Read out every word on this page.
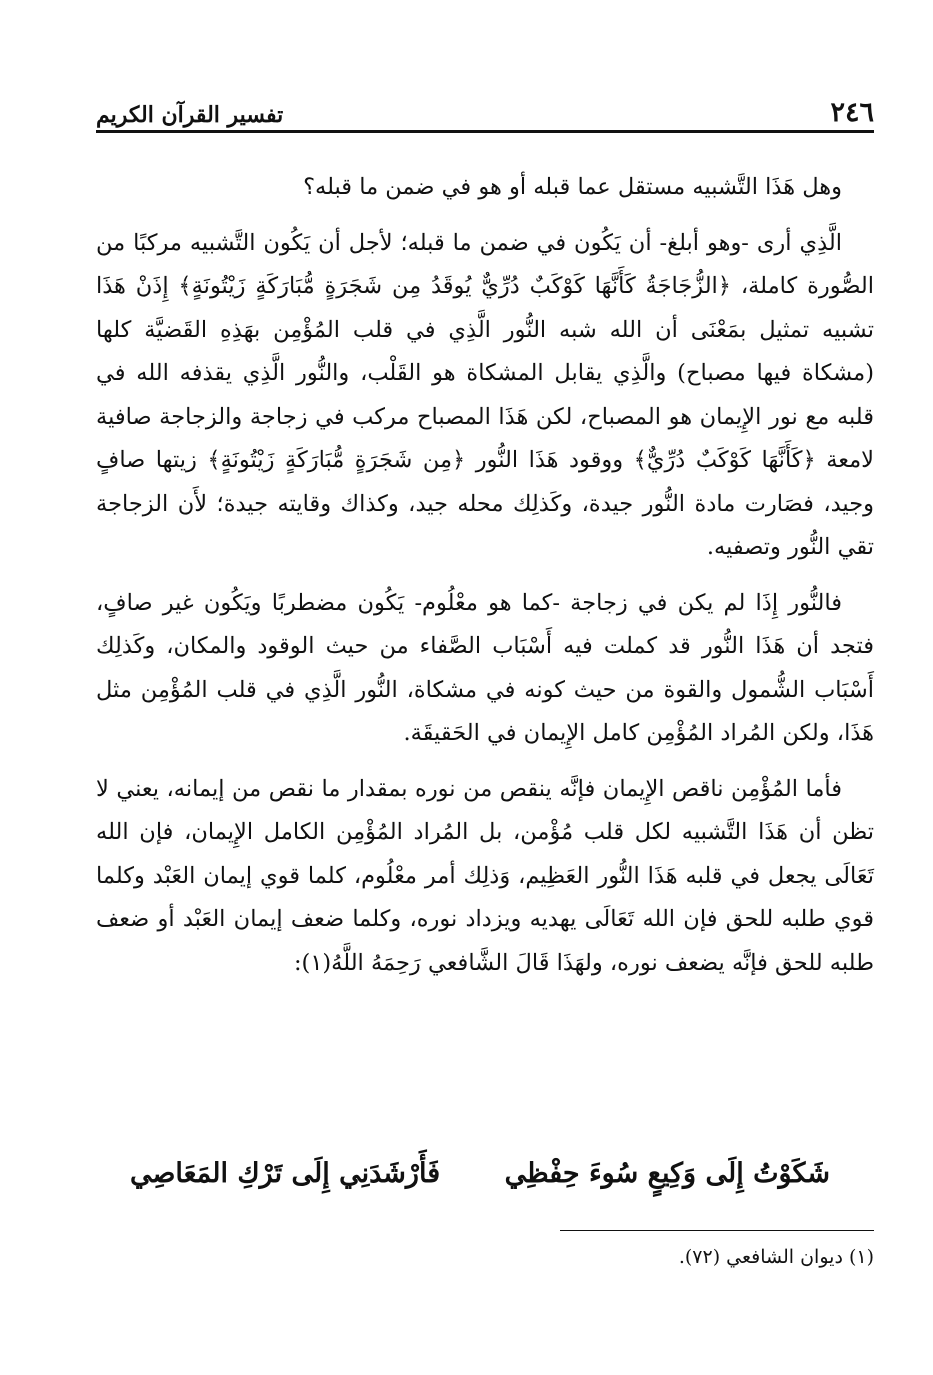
٢٤٦
تفسير القرآن الكريم

وهل هَذَا التَّشبيه مستقل عما قبله أو هو في ضمن ما قبله؟

الَّذِي أرى -وهو أبلغ- أن يَكُون في ضمن ما قبله؛ لأجل أن يَكُون التَّشبيه مركبًا من الصُّورة كاملة، ﴿الزُّجَاجَةُ كَأَنَّهَا كَوْكَبٌ دُرِّيٌّ يُوقَدُ مِن شَجَرَةٍ مُّبَارَكَةٍ زَيْتُونَةٍ﴾ إِذَنْ هَذَا تشبيه تمثيل بمَعْنَى أن الله شبه النُّور الَّذِي في قلب المُؤْمِن بهَذِهِ القَضيَّة كلها (مشكاة فيها مصباح) والَّذِي يقابل المشكاة هو القَلْب، والنُّور الَّذِي يقذفه الله في قلبه مع نور الإِيمان هو المصباح، لكن هَذَا المصباح مركب في زجاجة والزجاجة صافية لامعة ﴿كَأَنَّهَا كَوْكَبٌ دُرِّيٌّ﴾ ووقود هَذَا النُّور ﴿مِن شَجَرَةٍ مُّبَارَكَةٍ زَيْتُونَةٍ﴾ زيتها صافٍ وجيد، فصَارت مادة النُّور جيدة، وكَذلِك محله جيد، وكذاك وقايته جيدة؛ لأَن الزجاجة تقي النُّور وتصفيه.

فالنُّور إِذَا لم يكن في زجاجة -كما هو معْلُوم- يَكُون مضطربًا ويَكُون غير صافٍ، فتجد أن هَذَا النُّور قد كملت فيه أَسْبَاب الصَّفاء من حيث الوقود والمكان، وكَذلِك أَسْبَاب الشُّمول والقوة من حيث كونه في مشكاة، النُّور الَّذِي في قلب المُؤْمِن مثل هَذَا، ولكن المُراد المُؤْمِن كامل الإِيمان في الحَقيقَة.

فأما المُؤْمِن ناقص الإِيمان فإنَّه ينقص من نوره بمقدار ما نقص من إيمانه، يعني لا تظن أن هَذَا التَّشبيه لكل قلب مُؤْمن، بل المُراد المُؤْمِن الكامل الإِيمان، فإن الله تَعَالَى يجعل في قلبه هَذَا النُّور العَظِيم، وَذلِك أمر معْلُوم، كلما قوي إيمان العَبْد وكلما قوي طلبه للحق فإن الله تَعَالَى يهديه ويزداد نوره، وكلما ضعف إيمان العَبْد أو ضعف طلبه للحق فإنَّه يضعف نوره، ولهَذَا قَالَ الشَّافعي رَحِمَهُ اللَّهُ(١):

شَكَوْتُ إِلَى وَكِيعٍ سُوءَ حِفْظِي
فَأَرْشَدَنِي إِلَى تَرْكِ المَعَاصِي
(١) ديوان الشافعي (٧٢).
